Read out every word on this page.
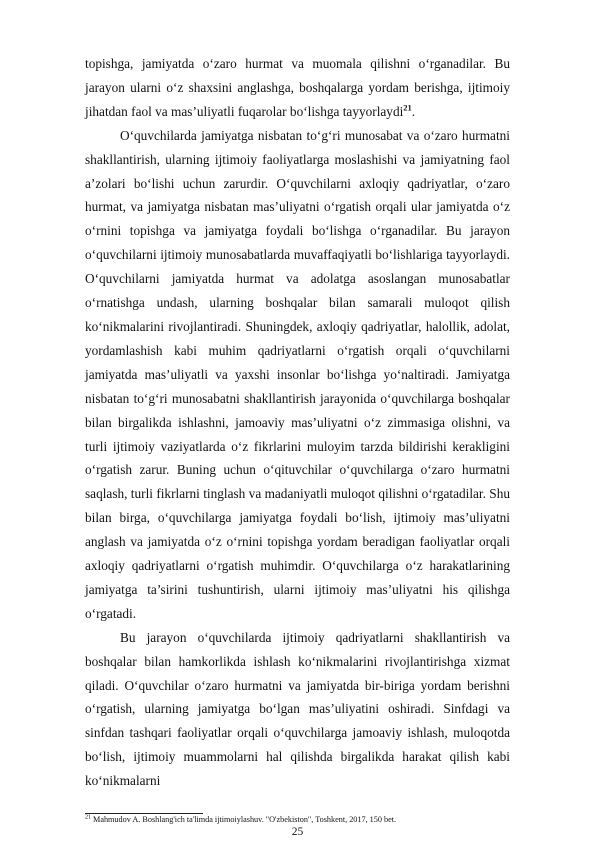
topishga, jamiyatda o‘zaro hurmat va muomala qilishni o‘rganadilar. Bu jarayon ularni o‘z shaxsini anglashga, boshqalarga yordam berishga, ijtimoiy jihatdan faol va mas’uliyatli fuqarolar bo‘lishga tayyorlaydi$^{21}$.

O‘quvchilarda jamiyatga nisbatan to‘g‘ri munosabat va o‘zaro hurmatni shakllantirish, ularning ijtimoiy faoliyatlarga moslashishi va jamiyatning faol a’zolari bo‘lishi uchun zarurdir. O‘quvchilarni axloqiy qadriyatlar, o‘zaro hurmat, va jamiyatga nisbatan mas’uliyatni o‘rgatish orqali ular jamiyatda o‘z o‘rnini topishga va jamiyatga foydali bo‘lishga o‘rganadilar. Bu jarayon o‘quvchilarni ijtimoiy munosabatlarda muvaffaqiyatli bo‘lishlariga tayyorlaydi. O‘quvchilarni jamiyatda hurmat va adolatga asoslangan munosabatlar o‘rnatishga undash, ularning boshqalar bilan samarali muloqot qilish ko‘nikmalarini rivojlantiradi. Shuningdek, axloqiy qadriyatlar, halollik, adolat, yordamlashish kabi muhim qadriyatlarni o‘rgatish orqali o‘quvchilarni jamiyatda mas’uliyatli va yaxshi insonlar bo‘lishga yo‘naltiradi. Jamiyatga nisbatan to‘g‘ri munosabatni shakllantirish jarayonida o‘quvchilarga boshqalar bilan birgalikda ishlashni, jamoaviy mas’uliyatni o‘z zimmasiga olishni, va turli ijtimoiy vaziyatlarda o‘z fikrlarini muloyim tarzda bildirishi kerakligini o‘rgatish zarur. Buning uchun o‘qituvchilar o‘quvchilarga o‘zaro hurmatni saqlash, turli fikrlarni tinglash va madaniyatli muloqot qilishni o‘rgatadilar. Shu bilan birga, o‘quvchilarga jamiyatga foydali bo‘lish, ijtimoiy mas’uliyatni anglash va jamiyatda o‘z o‘rnini topishga yordam beradigan faoliyatlar orqali axloqiy qadriyatlarni o‘rgatish muhimdir. O‘quvchilarga o‘z harakatlarining jamiyatga ta’sirini tushuntirish, ularni ijtimoiy mas’uliyatni his qilishga o‘rgatadi.

Bu jarayon o‘quvchilarda ijtimoiy qadriyatlarni shakllantirish va boshqalar bilan hamkorlikda ishlash ko‘nikmalarini rivojlantirishga xizmat qiladi. O‘quvchilar o‘zaro hurmatni va jamiyatda bir-biriga yordam berishni o‘rgatish, ularning jamiyatga bo‘lgan mas’uliyatini oshiradi. Sinfdagi va sinfdan tashqari faoliyatlar orqali o‘quvchilarga jamoaviy ishlash, muloqotda bo‘lish, ijtimoiy muammolarni hal qilishda birgalikda harakat qilish kabi ko‘nikmalarni

$^{21}$ Mahmudov A. Boshlang'ich ta'limda ijtimoiylashuv. "O'zbekiston", Toshkent, 2017, 150 bet.
25
